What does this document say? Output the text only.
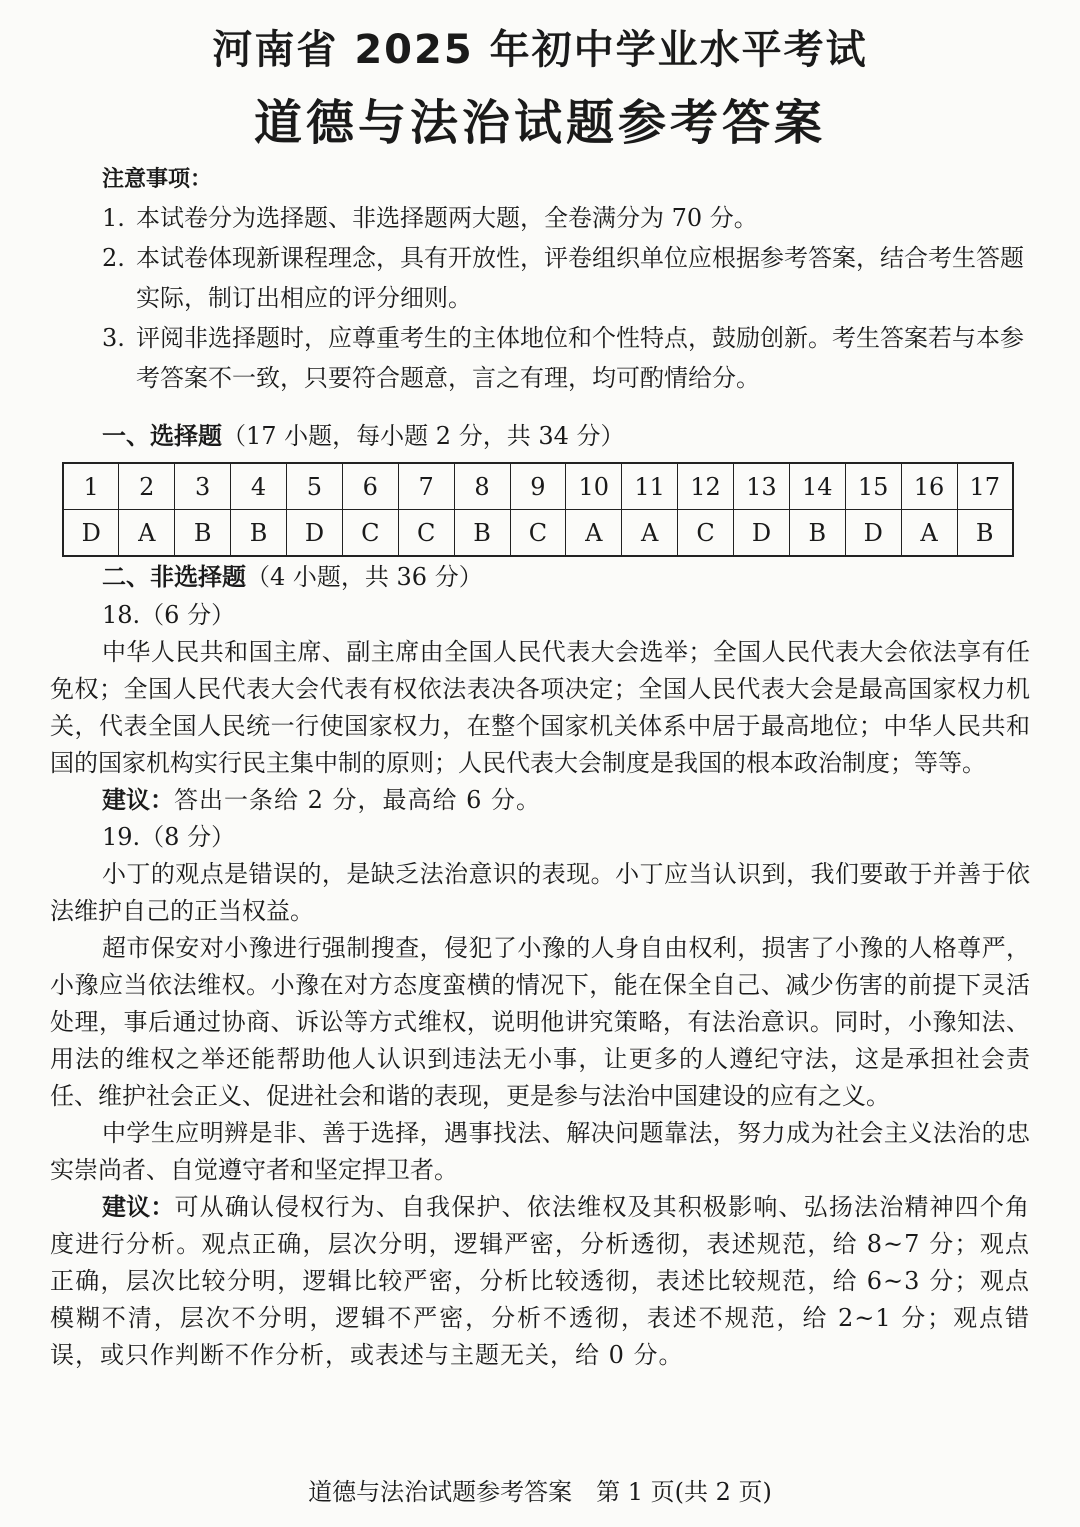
河南省 2025 年初中学业水平考试
道德与法治试题参考答案
注意事项：
1. 本试卷分为选择题、非选择题两大题，全卷满分为 70 分。
2. 本试卷体现新课程理念，具有开放性，评卷组织单位应根据参考答案，结合考生答题实际，制订出相应的评分细则。
3. 评阅非选择题时，应尊重考生的主体地位和个性特点，鼓励创新。考生答案若与本参考答案不一致，只要符合题意，言之有理，均可酌情给分。
一、选择题（17 小题，每小题 2 分，共 34 分）
1	2	3	4	5	6	7	8	9	10	11	12	13	14	15	16	17
D	A	B	B	D	C	C	B	C	A	A	C	D	B	D	A	B
二、非选择题（4 小题，共 36 分）
18.（6 分）
中华人民共和国主席、副主席由全国人民代表大会选举；全国人民代表大会依法享有任免权；全国人民代表大会代表有权依法表决各项决定；全国人民代表大会是最高国家权力机关，代表全国人民统一行使国家权力，在整个国家机关体系中居于最高地位；中华人民共和国的国家机构实行民主集中制的原则；人民代表大会制度是我国的根本政治制度；等等。
建议：答出一条给 2 分，最高给 6 分。
19.（8 分）
小丁的观点是错误的，是缺乏法治意识的表现。小丁应当认识到，我们要敢于并善于依法维护自己的正当权益。
超市保安对小豫进行强制搜查，侵犯了小豫的人身自由权利，损害了小豫的人格尊严，小豫应当依法维权。小豫在对方态度蛮横的情况下，能在保全自己、减少伤害的前提下灵活处理，事后通过协商、诉讼等方式维权，说明他讲究策略，有法治意识。同时，小豫知法、用法的维权之举还能帮助他人认识到违法无小事，让更多的人遵纪守法，这是承担社会责任、维护社会正义、促进社会和谐的表现，更是参与法治中国建设的应有之义。
中学生应明辨是非、善于选择，遇事找法、解决问题靠法，努力成为社会主义法治的忠实崇尚者、自觉遵守者和坚定捍卫者。
建议：可从确认侵权行为、自我保护、依法维权及其积极影响、弘扬法治精神四个角度进行分析。观点正确，层次分明，逻辑严密，分析透彻，表述规范，给 8~7 分；观点正确，层次比较分明，逻辑比较严密，分析比较透彻，表述比较规范，给 6~3 分；观点模糊不清，层次不分明，逻辑不严密，分析不透彻，表述不规范，给 2~1 分；观点错误，或只作判断不作分析，或表述与主题无关，给 0 分。
道德与法治试题参考答案　第 1 页(共 2 页)
